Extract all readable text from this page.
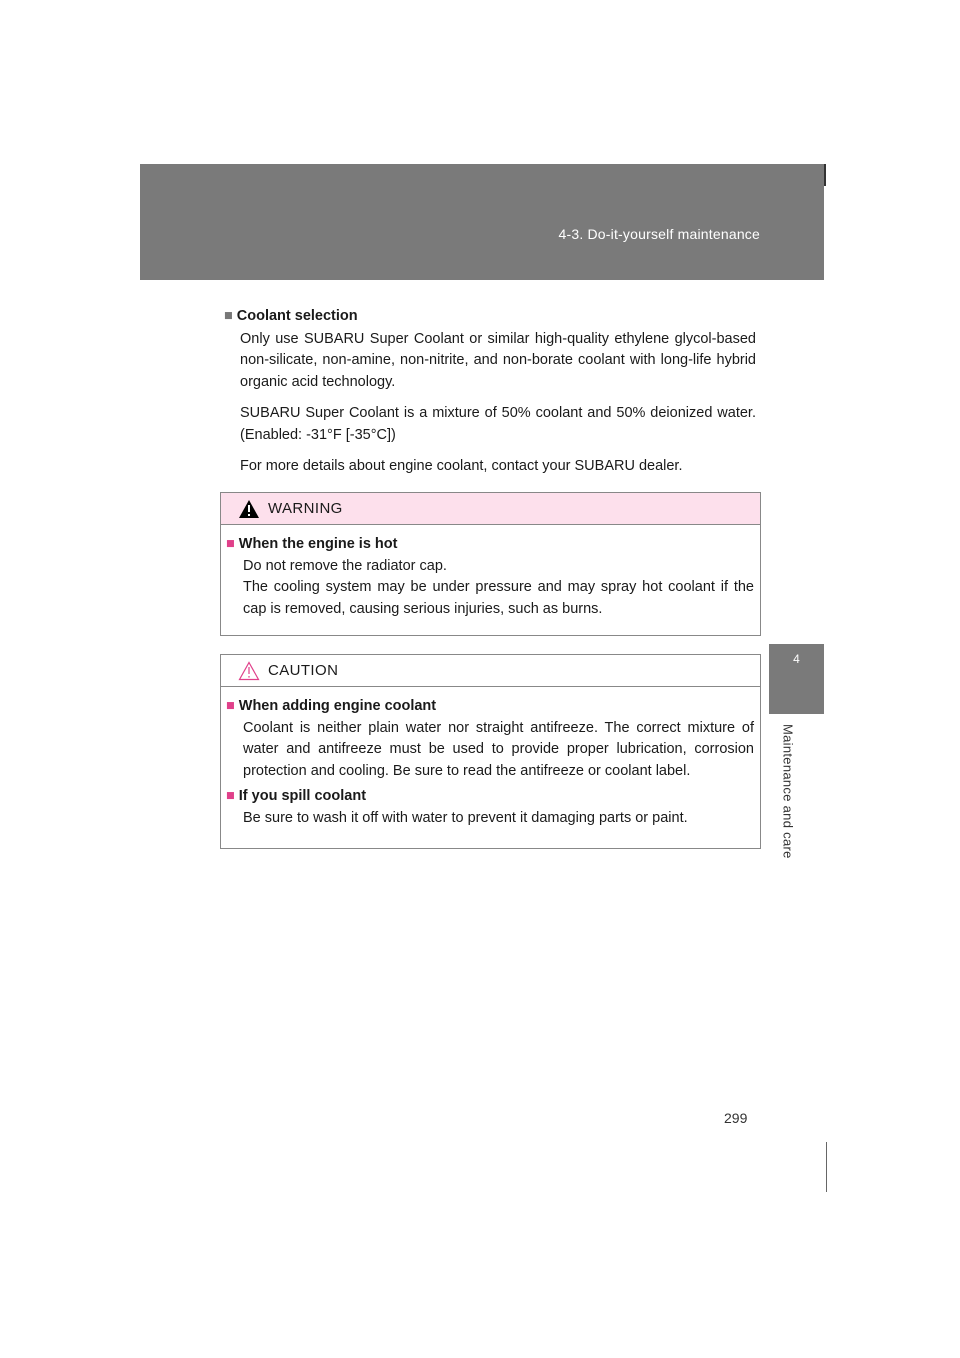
4-3. Do-it-yourself maintenance
4
Maintenance and care
■ Coolant selection

Only use SUBARU Super Coolant or similar high-quality ethylene glycol-based non-silicate, non-amine, non-nitrite, and non-borate coolant with long-life hybrid organic acid technology.

SUBARU Super Coolant is a mixture of 50% coolant and 50% deionized water. (Enabled: -31°F [-35°C])

For more details about engine coolant, contact your SUBARU dealer.

WARNING
■ When the engine is hot

Do not remove the radiator cap.

The cooling system may be under pressure and may spray hot coolant if the cap is removed, causing serious injuries, such as burns.

CAUTION
■ When adding engine coolant

Coolant is neither plain water nor straight antifreeze. The correct mixture of water and antifreeze must be used to provide proper lubrication, corrosion protection and cooling. Be sure to read the antifreeze or coolant label.

■ If you spill coolant

Be sure to wash it off with water to prevent it damaging parts or paint.

299
